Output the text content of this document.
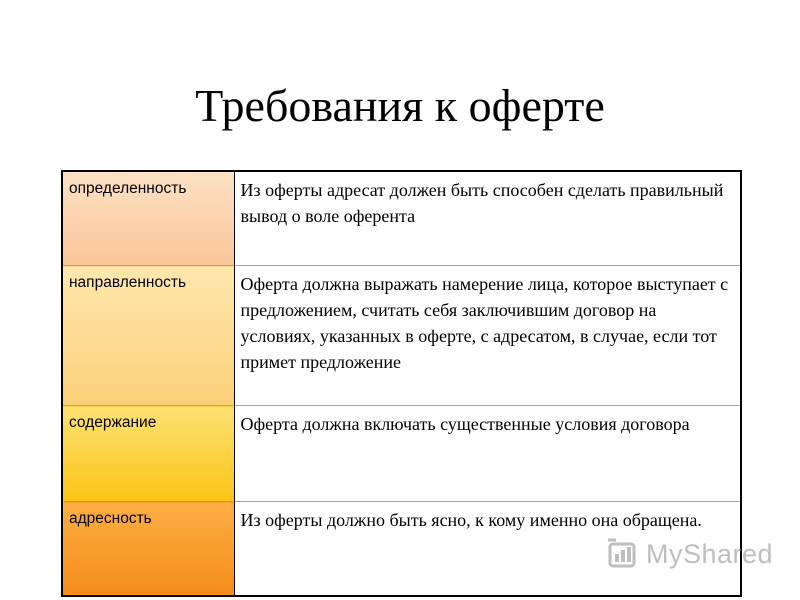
Требования к оферте
определенность	Из оферты адресат должен быть способен сделать правильный вывод о воле оферента
направленность	Оферта должна выражать намерение лица, которое выступает с предложением, считать себя заключившим договор на условиях, указанных в оферте, с адресатом, в случае, если тот примет предложение
содержание	Оферта должна включать существенные условия договора
адресность	Из оферты должно быть ясно, к кому именно она обращена.
MyShared
